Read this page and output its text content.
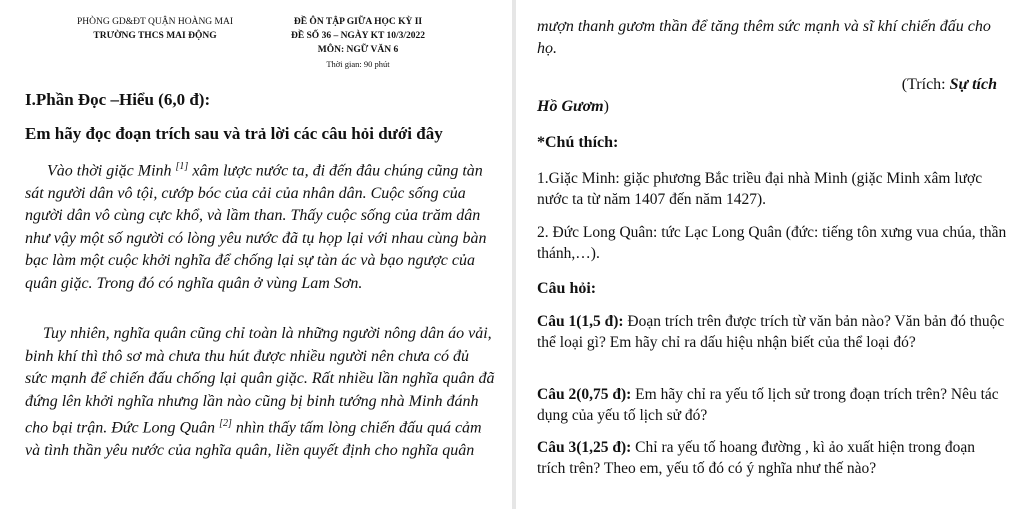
PHÒNG GD&ĐT QUẬN HOÀNG MAI
TRƯỜNG THCS MAI ĐỘNG
ĐỀ ÔN TẬP GIỮA HỌC KỲ II
ĐỀ SỐ 36 – NGÀY KT 10/3/2022
MÔN: NGỮ VĂN 6
Thời gian: 90 phút
I.Phần Đọc –Hiểu (6,0 đ):
Em hãy đọc đoạn trích sau và trả lời các câu hỏi dưới đây
Vào thời giặc Minh [1] xâm lược nước ta, đi đến đâu chúng cũng tàn sát người dân vô tội, cướp bóc của cải của nhân dân. Cuộc sống của người dân vô cùng cực khổ, và lầm than. Thấy cuộc sống của trăm dân như vậy một số người có lòng yêu nước đã tụ họp lại với nhau cùng bàn bạc làm một cuộc khởi nghĩa để chống lại sự tàn ác và bạo ngược của quân giặc. Trong đó có nghĩa quân ở vùng Lam Sơn.
Tuy nhiên, nghĩa quân cũng chỉ toàn là những người nông dân áo vải, binh khí thì thô sơ mà chưa thu hút được nhiều người nên chưa có đủ sức mạnh để chiến đấu chống lại quân giặc. Rất nhiều lần nghĩa quân đã đứng lên khởi nghĩa nhưng lần nào cũng bị binh tướng nhà Minh đánh cho bại trận. Đức Long Quân [2] nhìn thấy tấm lòng chiến đấu quá cảm và tình thần yêu nước của nghĩa quân, liền quyết định cho nghĩa quân
mượn thanh gươm thần để tăng thêm sức mạnh và sĩ khí chiến đấu cho họ.
(Trích: Sự tích
Hồ Gươm)
*Chú thích:
1.Giặc Minh: giặc phương Bắc triều đại nhà Minh (giặc Minh xâm lược nước ta từ năm 1407 đến năm 1427).
2. Đức Long Quân: tức Lạc Long Quân (đức: tiếng tôn xưng vua chúa, thần thánh,…).
Câu hỏi:
Câu 1(1,5 đ): Đoạn trích trên được trích từ văn bản nào? Văn bản đó thuộc thể loại gì? Em hãy chỉ ra dấu hiệu nhận biết của thể loại đó?
Câu 2(0,75 đ): Em hãy chỉ ra yếu tố lịch sử trong đoạn trích trên? Nêu tác dụng của yếu tố lịch sử đó?
Câu 3(1,25 đ): Chỉ ra yếu tố hoang đường , kì ảo xuất hiện trong đoạn trích trên? Theo em, yếu tố đó có ý nghĩa như thế nào?
